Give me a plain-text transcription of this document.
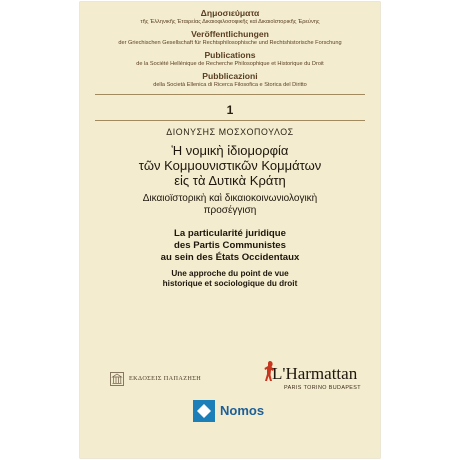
Δημοσιεύματα
τῆς Ἑλληνικῆς Ἑταιρείας Δικαιοφιλοσοφικῆς καὶ Δικαιοϊστορικῆς Ἐρεύνης
Veröffentlichungen
der Griechischen Gesellschaft für Rechtsphilosophische und Rechtshistorische Forschung
Publications
de la Société Hellénique de Recherche Philosophique et Historique du Droit
Pubblicazioni
della Società Ellenica di Ricerca Filosofica e Storica del Diritto
1
ΔΙΟΝΥΣΗΣ ΜΟΣΧΟΠΟΥΛΟΣ
Ἡ νομικὴ ἰδιομορφία
τῶν Κομμουνιστικῶν Κομμάτων
εἰς τὰ Δυτικὰ Κράτη
Δικαιοϊστορικὴ καὶ δικαιοκοινωνιολογικὴ
προσέγγιση
La particularité juridique
des Partis Communistes
au sein des États Occidentaux
Une approche du point de vue
historique et sociologique du droit
ΕΚΔΟΣΕΙΣ ΠΑΠΑΖΗΣΗ	L'Harmattan
PARIS TORINO BUDAPEST
Nomos
